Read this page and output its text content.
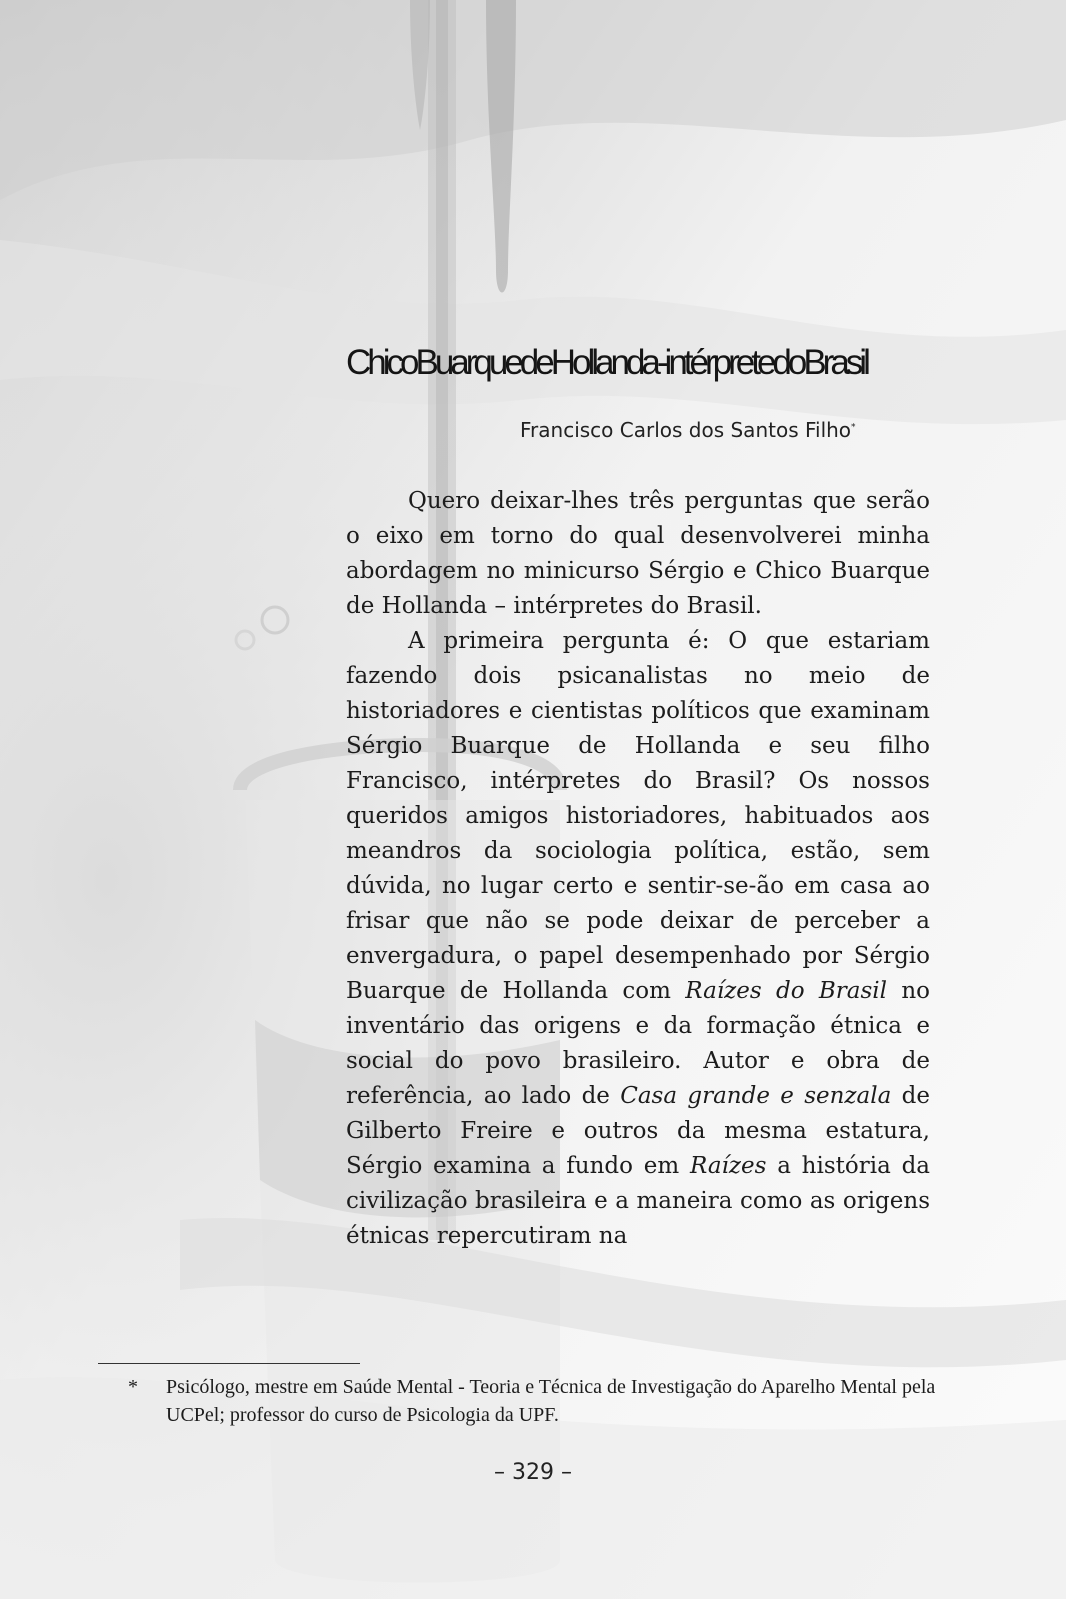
ChicoBuarquedeHollanda-intérpretedoBrasil
Francisco Carlos dos Santos Filho*

Quero deixar-lhes três perguntas que serão o eixo em torno do qual desenvolverei minha abordagem no minicurso Sérgio e Chico Buarque de Hollanda – intérpretes do Brasil.

A primeira pergunta é: O que estariam fazendo dois psicanalistas no meio de historiadores e cientistas políticos que examinam Sérgio Buarque de Hollanda e seu filho Francisco, intérpretes do Brasil? Os nossos queridos amigos historiadores, habituados aos meandros da sociologia política, estão, sem dúvida, no lugar certo e sentir-se-ão em casa ao frisar que não se pode deixar de perceber a envergadura, o papel desempenhado por Sérgio Buarque de Hollanda com Raízes do Brasil no inventário das origens e da formação étnica e social do povo brasileiro. Autor e obra de referência, ao lado de Casa grande e senzala de Gilberto Freire e outros da mesma estatura, Sérgio examina a fundo em Raízes a história da civilização brasileira e a maneira como as origens étnicas repercutiram na

*	Psicólogo, mestre em Saúde Mental - Teoria e Técnica de Investigação do Aparelho Mental pela UCPel; professor do curso de Psicologia da UPF.
– 329 –
